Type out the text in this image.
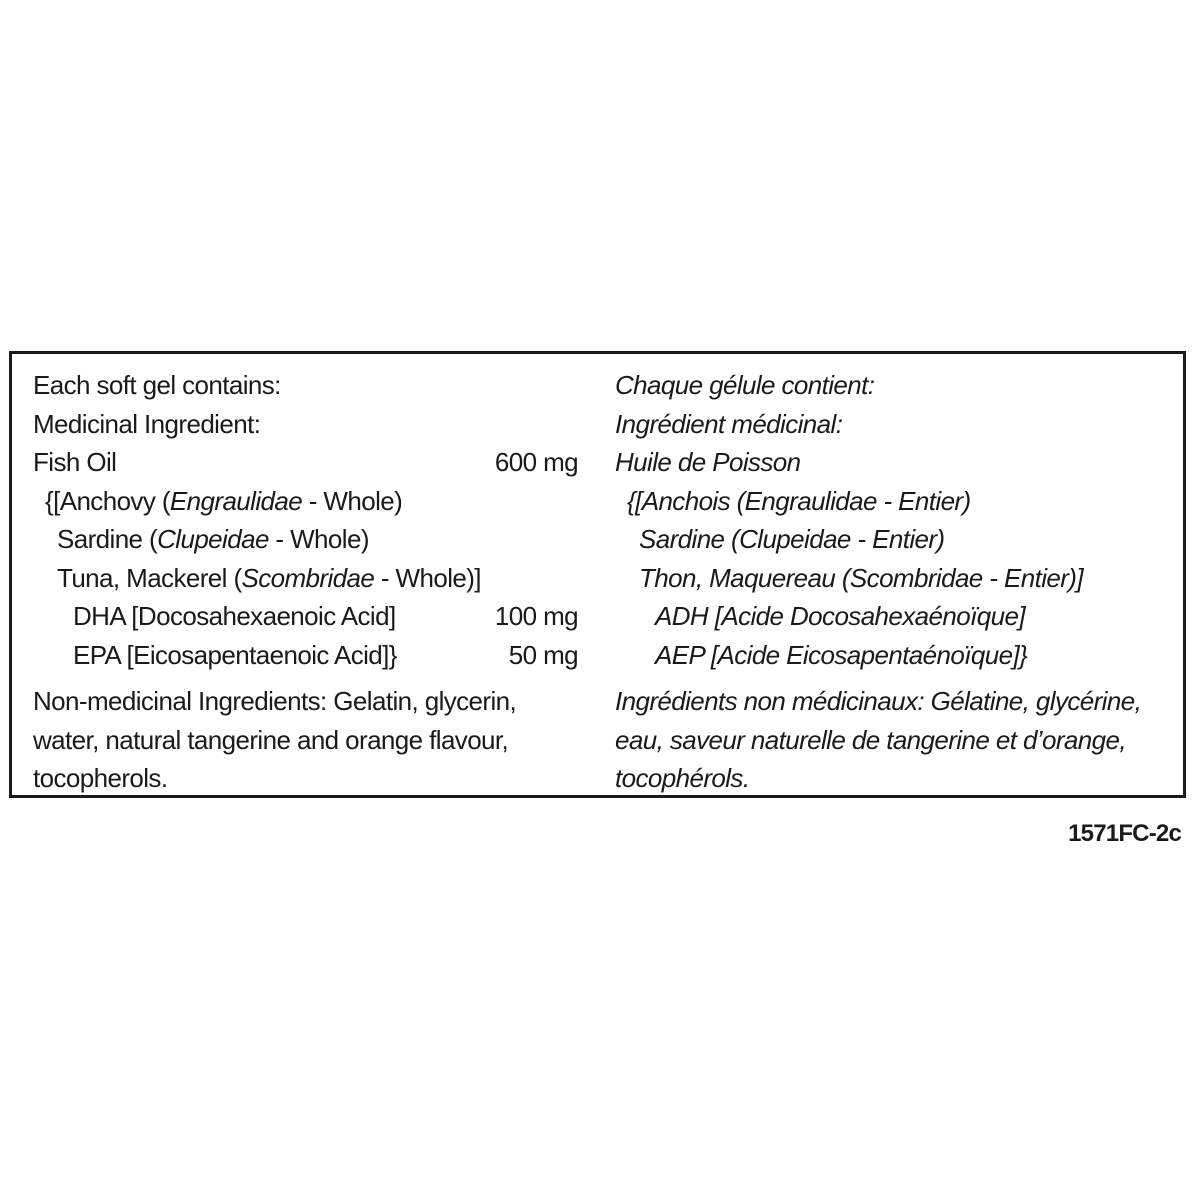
Each soft gel contains:
Medicinal Ingredient:
Fish Oil	600 mg
{[Anchovy (Engraulidae - Whole)
Sardine (Clupeidae - Whole)
Tuna, Mackerel (Scombridae - Whole)]
DHA [Docosahexaenoic Acid]	100 mg
EPA [Eicosapentaenoic Acid]}	50 mg
Non-medicinal Ingredients: Gelatin, glycerin,
water, natural tangerine and orange flavour,
tocopherols.
Chaque gélule contient:
Ingrédient médicinal:
Huile de Poisson
{[Anchois (Engraulidae - Entier)
Sardine (Clupeidae - Entier)
Thon, Maquereau (Scombridae - Entier)]
ADH [Acide Docosahexaénoïque]
AEP [Acide Eicosapentaénoïque]}
Ingrédients non médicinaux: Gélatine, glycérine,
eau, saveur naturelle de tangerine et d’orange,
tocophérols.
1571FC-2c
